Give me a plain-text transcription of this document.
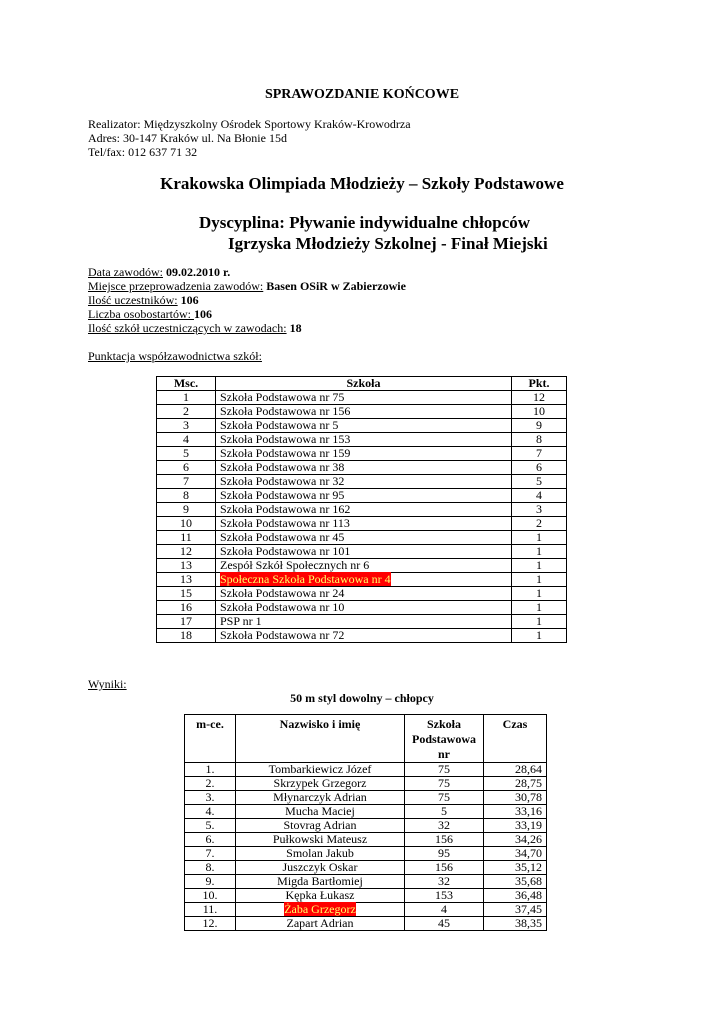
SPRAWOZDANIE KOŃCOWE
Realizator: Międzyszkolny Ośrodek Sportowy Kraków-Krowodrza
Adres: 30-147 Kraków ul. Na Błonie 15d
Tel/fax: 012 637 71 32
Krakowska Olimpiada Młodzieży – Szkoły Podstawowe
Dyscyplina: Pływanie indywidualne chłopców
Igrzyska Młodzieży Szkolnej - Finał Miejski
Data zawodów: 09.02.2010 r.
Miejsce przeprowadzenia zawodów: Basen OSiR w Zabierzowie
Ilość uczestników: 106
Liczba osobostartów: 106
Ilość szkół uczestniczących w zawodach: 18
Punktacja współzawodnictwa szkół:
Msc.	Szkoła	Pkt.
1	Szkoła Podstawowa nr 75	12
2	Szkoła Podstawowa nr 156	10
3	Szkoła Podstawowa nr 5	9
4	Szkoła Podstawowa nr 153	8
5	Szkoła Podstawowa nr 159	7
6	Szkoła Podstawowa nr 38	6
7	Szkoła Podstawowa nr 32	5
8	Szkoła Podstawowa nr 95	4
9	Szkoła Podstawowa nr 162	3
10	Szkoła Podstawowa nr 113	2
11	Szkoła Podstawowa nr 45	1
12	Szkoła Podstawowa nr 101	1
13	Zespół Szkół Społecznych nr 6	1
13	Społeczna Szkoła Podstawowa nr 4	1
15	Szkoła Podstawowa nr 24	1
16	Szkoła Podstawowa nr 10	1
17	PSP nr 1	1
18	Szkoła Podstawowa nr 72	1
Wyniki:
50 m styl dowolny – chłopcy
m-ce.	Nazwisko i imię	Szkoła Podstawowa nr	Czas
1.	Tombarkiewicz Józef	75	28,64
2.	Skrzypek Grzegorz	75	28,75
3.	Młynarczyk Adrian	75	30,78
4.	Mucha Maciej	5	33,16
5.	Stovrag Adrian	32	33,19
6.	Pułkowski Mateusz	156	34,26
7.	Smolan Jakub	95	34,70
8.	Juszczyk Oskar	156	35,12
9.	Migda Bartłomiej	32	35,68
10.	Kępka Łukasz	153	36,48
11.	Żaba Grzegorz	4	37,45
12.	Zapart Adrian	45	38,35
